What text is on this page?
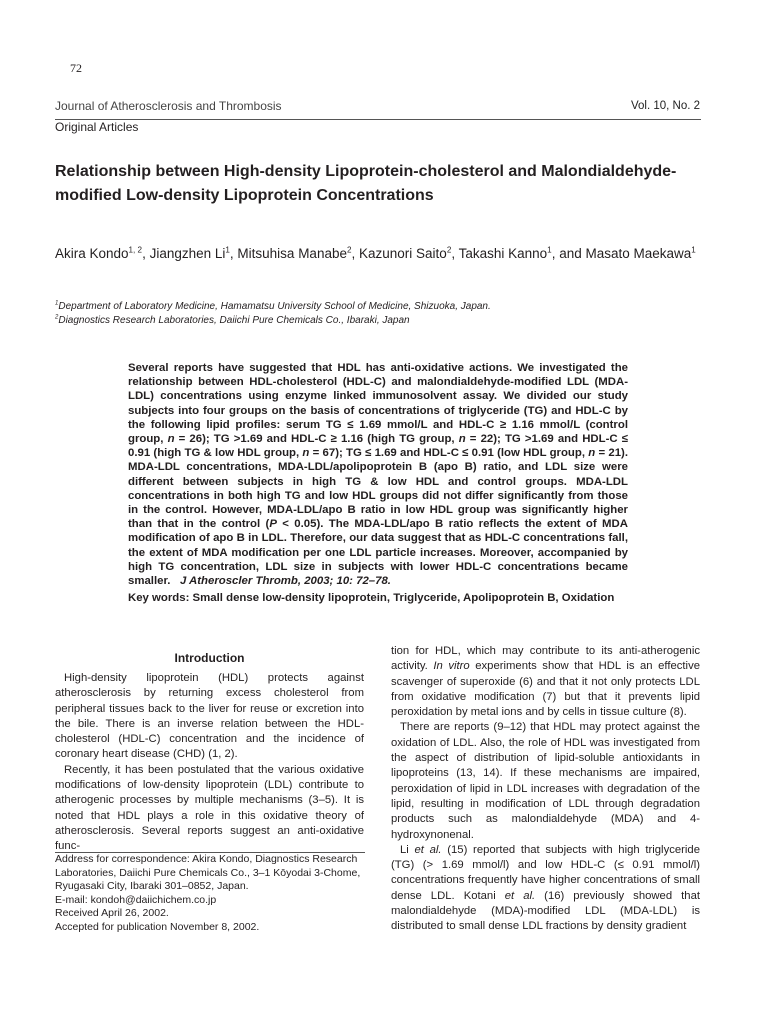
72
Journal of Atherosclerosis and Thrombosis	Vol. 10, No. 2
Original Articles
Relationship between High-density Lipoprotein-cholesterol and Malondialdehyde-modified Low-density Lipoprotein Concentrations
Akira Kondo$^{1, 2}$, Jiangzhen Li$^1$, Mitsuhisa Manabe$^2$, Kazunori Saito$^2$, Takashi Kanno$^1$, and Masato Maekawa$^1$
$^1$Department of Laboratory Medicine, Hamamatsu University School of Medicine, Shizuoka, Japan.
$^2$Diagnostics Research Laboratories, Daiichi Pure Chemicals Co., Ibaraki, Japan
Several reports have suggested that HDL has anti-oxidative actions. We investigated the relationship between HDL-cholesterol (HDL-C) and malondialdehyde-modified LDL (MDA-LDL) concentrations using enzyme linked immunosolvent assay. We divided our study subjects into four groups on the basis of concentrations of triglyceride (TG) and HDL-C by the following lipid profiles: serum TG ≤ 1.69 mmol/L and HDL-C ≥ 1.16 mmol/L (control group, n = 26); TG >1.69 and HDL-C ≥ 1.16 (high TG group, n = 22); TG >1.69 and HDL-C ≤ 0.91 (high TG & low HDL group, n = 67); TG ≤ 1.69 and HDL-C ≤ 0.91 (low HDL group, n = 21). MDA-LDL concentrations, MDA-LDL/apolipoprotein B (apo B) ratio, and LDL size were different between subjects in high TG & low HDL and control groups. MDA-LDL concentrations in both high TG and low HDL groups did not differ significantly from those in the control. However, MDA-LDL/apo B ratio in low HDL group was significantly higher than that in the control (P < 0.05). The MDA-LDL/apo B ratio reflects the extent of MDA modification of apo B in LDL. Therefore, our data suggest that as HDL-C concentrations fall, the extent of MDA modification per one LDL particle increases. Moreover, accompanied by high TG concentration, LDL size in subjects with lower HDL-C concentrations became smaller. J Atheroscler Thromb, 2003; 10: 72–78.
Key words: Small dense low-density lipoprotein, Triglyceride, Apolipoprotein B, Oxidation
Introduction

High-density lipoprotein (HDL) protects against atherosclerosis by returning excess cholesterol from peripheral tissues back to the liver for reuse or excretion into the bile. There is an inverse relation between the HDL-cholesterol (HDL-C) concentration and the incidence of coronary heart disease (CHD) (1, 2).

Recently, it has been postulated that the various oxidative modifications of low-density lipoprotein (LDL) contribute to atherogenic processes by multiple mechanisms (3–5). It is noted that HDL plays a role in this oxidative theory of atherosclerosis. Several reports suggest an anti-oxidative func-

Address for correspondence: Akira Kondo, Diagnostics Research
Laboratories, Daiichi Pure Chemicals Co., 3–1 Kōyodai 3-Chome,
Ryugasaki City, Ibaraki 301–0852, Japan.
E-mail: kondoh@daiichichem.co.jp
Received April 26, 2002.
Accepted for publication November 8, 2002.

tion for HDL, which may contribute to its anti-atherogenic activity. In vitro experiments show that HDL is an effective scavenger of superoxide (6) and that it not only protects LDL from oxidative modification (7) but that it prevents lipid peroxidation by metal ions and by cells in tissue culture (8).

There are reports (9–12) that HDL may protect against the oxidation of LDL. Also, the role of HDL was investigated from the aspect of distribution of lipid-soluble antioxidants in lipoproteins (13, 14). If these mechanisms are impaired, peroxidation of lipid in LDL increases with degradation of the lipid, resulting in modification of LDL through degradation products such as malondialdehyde (MDA) and 4-hydroxynonenal.

Li et al. (15) reported that subjects with high triglyceride (TG) (> 1.69 mmol/l) and low HDL-C (≤ 0.91 mmol/l) concentrations frequently have higher concentrations of small dense LDL. Kotani et al. (16) previously showed that malondialdehyde (MDA)-modified LDL (MDA-LDL) is distributed to small dense LDL fractions by density gradient
